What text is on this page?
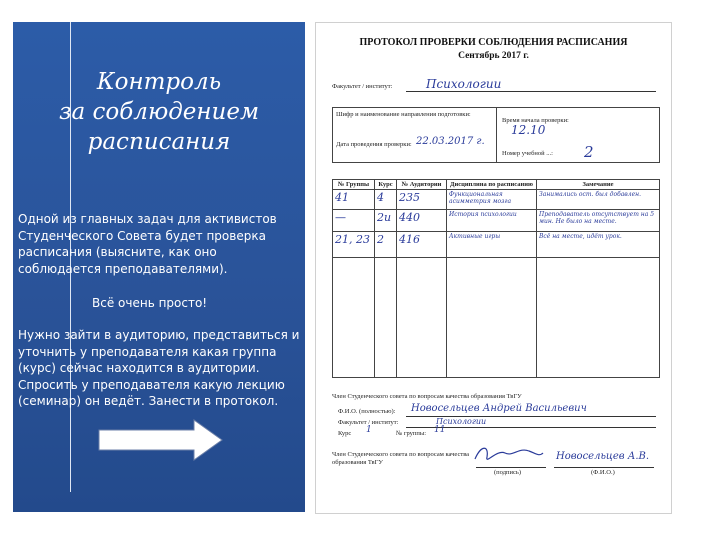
Контроль
за соблюдением
расписания
Одной из главных задач для активистов Студенческого Совета будет проверка расписания (выясните, как оно соблюдается преподавателями).
Всё очень просто!
Нужно зайти в аудиторию, представиться и уточнить у преподавателя какая группа (курс) сейчас находится в аудитории. Спросить у преподавателя какую лекцию (семинар) он ведёт. Занести в протокол.
ПРОТОКОЛ ПРОВЕРКИ СОБЛЮДЕНИЯ РАСПИСАНИЯ
Сентябрь 2017 г.
Факультет / институт:	Психологии
Шифр и наименование направления подготовки:
Время начала проверки:
12.10
Дата проведения проверки: 22.03.2017 г.
Номер учебной ...: 2
№ Группы	Курс	№ Аудитории	Дисциплина по расписанию	Замечание
41	4	235	Функциональная асимметрия мозга	Занимались ост. был добавлен.
—	2и	440	История психологии	Преподаватель отсутствует на 5 мин. Не было на месте.
21, 23	2	416	Активные игры	Всё на месте, идёт урок.

Член Студенческого совета по вопросам качества образования ТвГУ
Ф.И.О. (полностью): Новосельцев Андрей Васильевич
Факультет / институт:	Психологии
Курс 1	№ группы: 11
Член Студенческого совета по вопросам качества образования ТвГУ
Новосельцев А.В.
(подпись)	(Ф.И.О.)
